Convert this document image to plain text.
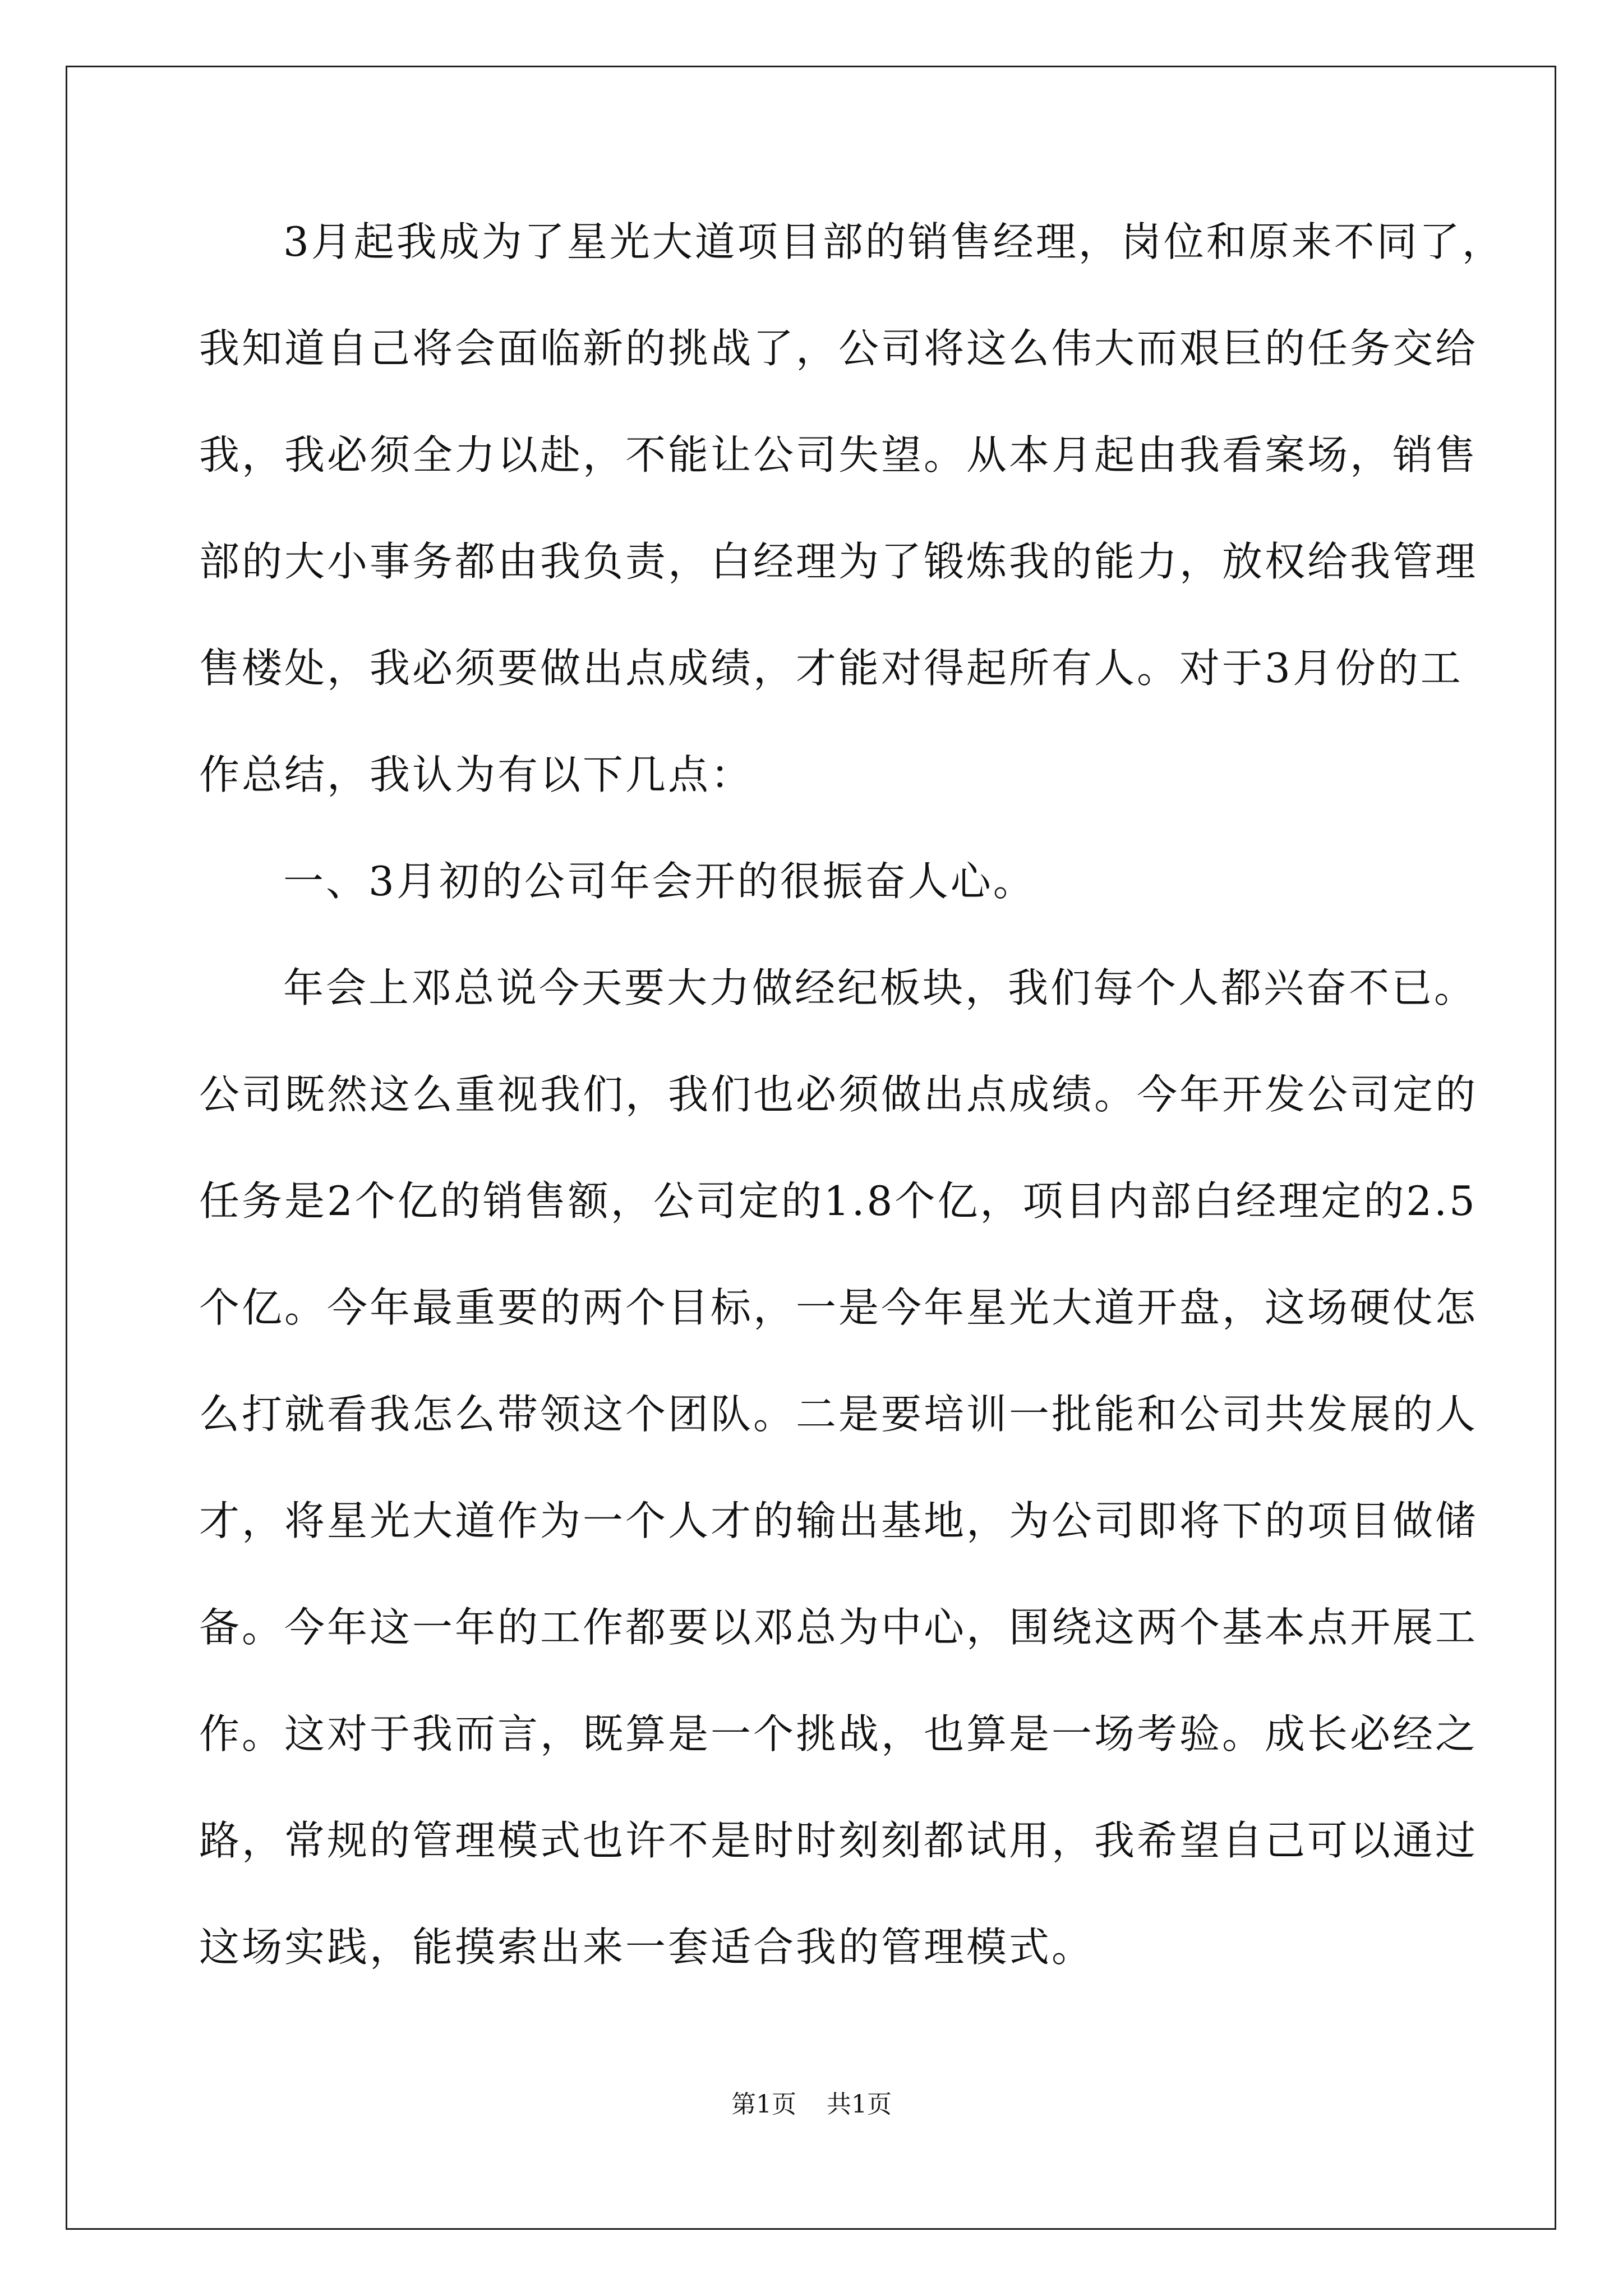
3月起我成为了星光大道项目部的销售经理，岗位和原来不同了，
我知道自己将会面临新的挑战了，公司将这么伟大而艰巨的任务交给
我，我必须全力以赴，不能让公司失望。从本月起由我看案场，销售
部的大小事务都由我负责，白经理为了锻炼我的能力，放权给我管理
售楼处，我必须要做出点成绩，才能对得起所有人。对于3月份的工
作总结，我认为有以下几点：
一、3月初的公司年会开的很振奋人心。
年会上邓总说今天要大力做经纪板块，我们每个人都兴奋不已。
公司既然这么重视我们，我们也必须做出点成绩。今年开发公司定的
任务是2个亿的销售额，公司定的1.8个亿，项目内部白经理定的2.5
个亿。今年最重要的两个目标，一是今年星光大道开盘，这场硬仗怎
么打就看我怎么带领这个团队。二是要培训一批能和公司共发展的人
才，将星光大道作为一个人才的输出基地，为公司即将下的项目做储
备。今年这一年的工作都要以邓总为中心，围绕这两个基本点开展工
作。这对于我而言，既算是一个挑战，也算是一场考验。成长必经之
路，常规的管理模式也许不是时时刻刻都试用，我希望自己可以通过
这场实践，能摸索出来一套适合我的管理模式。
第1页 共1页
